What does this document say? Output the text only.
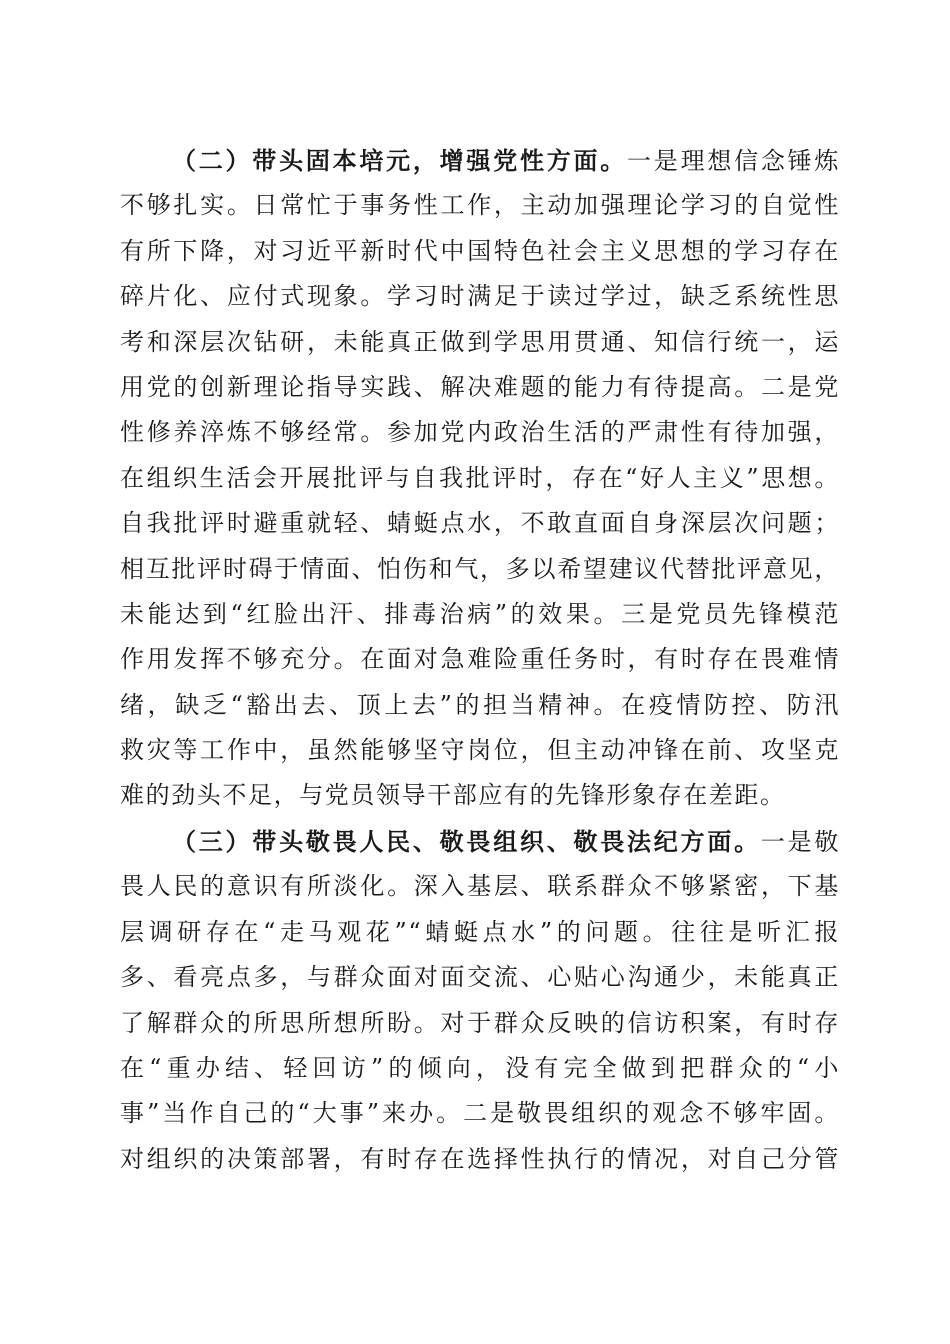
（二）带头固本培元，增强党性方面。一是理想信念锤炼
不够扎实。日常忙于事务性工作，主动加强理论学习的自觉性
有所下降，对习近平新时代中国特色社会主义思想的学习存在
碎片化、应付式现象。学习时满足于读过学过，缺乏系统性思
考和深层次钻研，未能真正做到学思用贯通、知信行统一，运
用党的创新理论指导实践、解决难题的能力有待提高。二是党
性修养淬炼不够经常。参加党内政治生活的严肃性有待加强，
在组织生活会开展批评与自我批评时，存在“好人主义”思想。
自我批评时避重就轻、蜻蜓点水，不敢直面自身深层次问题；
相互批评时碍于情面、怕伤和气，多以希望建议代替批评意见，
未能达到“红脸出汗、排毒治病”的效果。三是党员先锋模范
作用发挥不够充分。在面对急难险重任务时，有时存在畏难情
绪，缺乏“豁出去、顶上去”的担当精神。在疫情防控、防汛
救灾等工作中，虽然能够坚守岗位，但主动冲锋在前、攻坚克
难的劲头不足，与党员领导干部应有的先锋形象存在差距。
（三）带头敬畏人民、敬畏组织、敬畏法纪方面。一是敬
畏人民的意识有所淡化。深入基层、联系群众不够紧密，下基
层调研存在“走马观花”“蜻蜓点水”的问题。往往是听汇报
多、看亮点多，与群众面对面交流、心贴心沟通少，未能真正
了解群众的所思所想所盼。对于群众反映的信访积案，有时存
在“重办结、轻回访”的倾向，没有完全做到把群众的“小
事”当作自己的“大事”来办。二是敬畏组织的观念不够牢固。
对组织的决策部署，有时存在选择性执行的情况，对自己分管
